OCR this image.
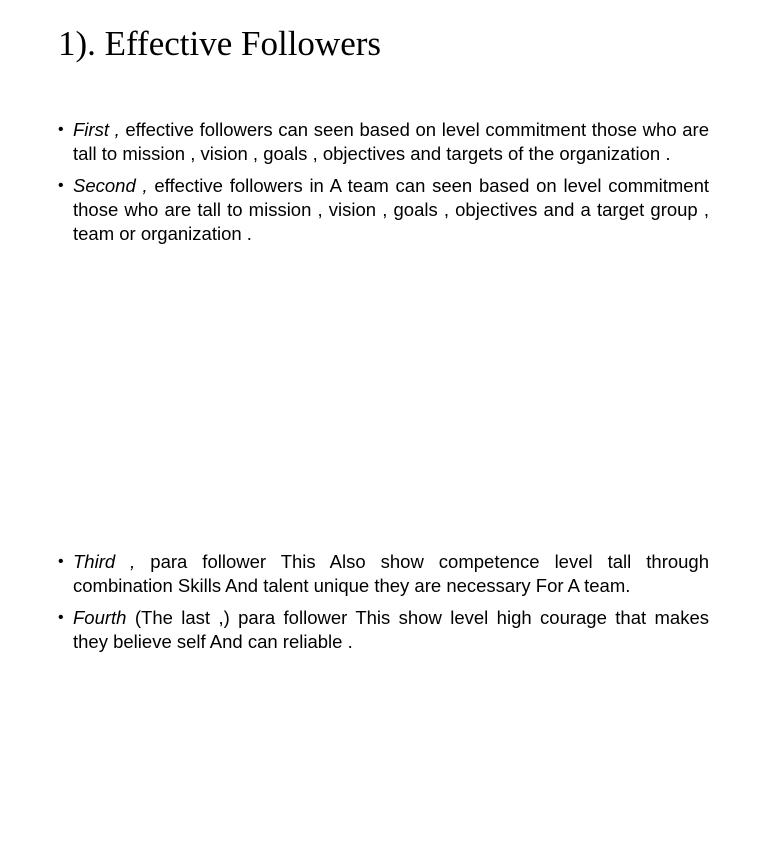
1). Effective Followers
• First , effective followers can seen based on level commitment those who are tall to mission , vision , goals , objectives and targets of the organization .
• Second , effective followers in A team can seen based on level commitment those who are tall to mission , vision , goals , objectives and a target group , team or organization .
• Third , para follower This Also show competence level tall through combination Skills And talent unique they are necessary For A team.
• Fourth (The last ,) para follower This show level high courage that makes they believe self And can reliable .
